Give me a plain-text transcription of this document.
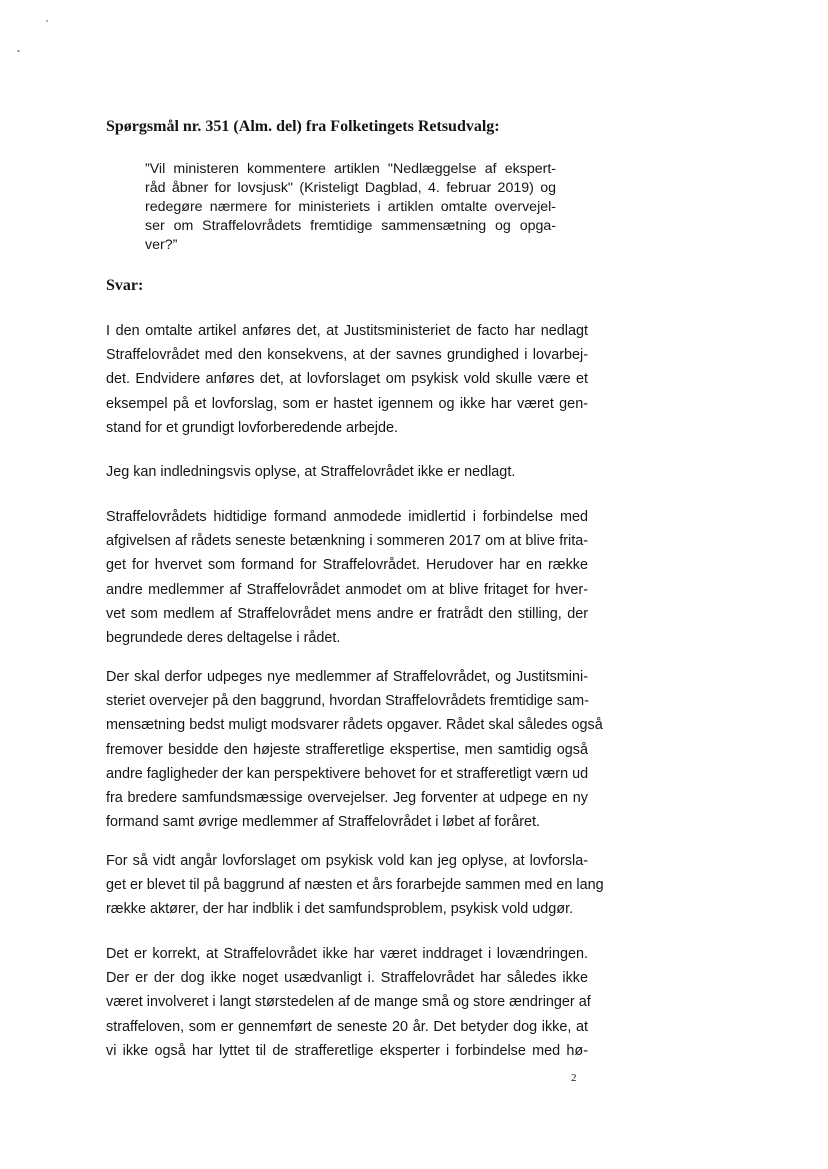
Spørgsmål nr. 351 (Alm. del) fra Folketingets Retsudvalg:
”Vil ministeren kommentere artiklen "Nedlæggelse af ekspert-
råd åbner for lovsjusk" (Kristeligt Dagblad, 4. februar 2019) og
redegøre nærmere for ministeriets i artiklen omtalte overvejel-
ser om Straffelovrådets fremtidige sammensætning og opga-
ver?”
Svar:
I den omtalte artikel anføres det, at Justitsministeriet de facto har nedlagt
Straffelovrådet med den konsekvens, at der savnes grundighed i lovarbej-
det. Endvidere anføres det, at lovforslaget om psykisk vold skulle være et
eksempel på et lovforslag, som er hastet igennem og ikke har været gen-
stand for et grundigt lovforberedende arbejde.
Jeg kan indledningsvis oplyse, at Straffelovrådet ikke er nedlagt.
Straffelovrådets hidtidige formand anmodede imidlertid i forbindelse med
afgivelsen af rådets seneste betænkning i sommeren 2017 om at blive frita-
get for hvervet som formand for Straffelovrådet. Herudover har en række
andre medlemmer af Straffelovrådet anmodet om at blive fritaget for hver-
vet som medlem af Straffelovrådet mens andre er fratrådt den stilling, der
begrundede deres deltagelse i rådet.
Der skal derfor udpeges nye medlemmer af Straffelovrådet, og Justitsmini-
steriet overvejer på den baggrund, hvordan Straffelovrådets fremtidige sam-
mensætning bedst muligt modsvarer rådets opgaver. Rådet skal således også
fremover besidde den højeste strafferetlige ekspertise, men samtidig også
andre fagligheder der kan perspektivere behovet for et strafferetligt værn ud
fra bredere samfundsmæssige overvejelser. Jeg forventer at udpege en ny
formand samt øvrige medlemmer af Straffelovrådet i løbet af foråret.
For så vidt angår lovforslaget om psykisk vold kan jeg oplyse, at lovforsla-
get er blevet til på baggrund af næsten et års forarbejde sammen med en lang
række aktører, der har indblik i det samfundsproblem, psykisk vold udgør.
Det er korrekt, at Straffelovrådet ikke har været inddraget i lovændringen.
Der er der dog ikke noget usædvanligt i. Straffelovrådet har således ikke
været involveret i langt størstedelen af de mange små og store ændringer af
straffeloven, som er gennemført de seneste 20 år. Det betyder dog ikke, at
vi ikke også har lyttet til de strafferetlige eksperter i forbindelse med hø-
2
